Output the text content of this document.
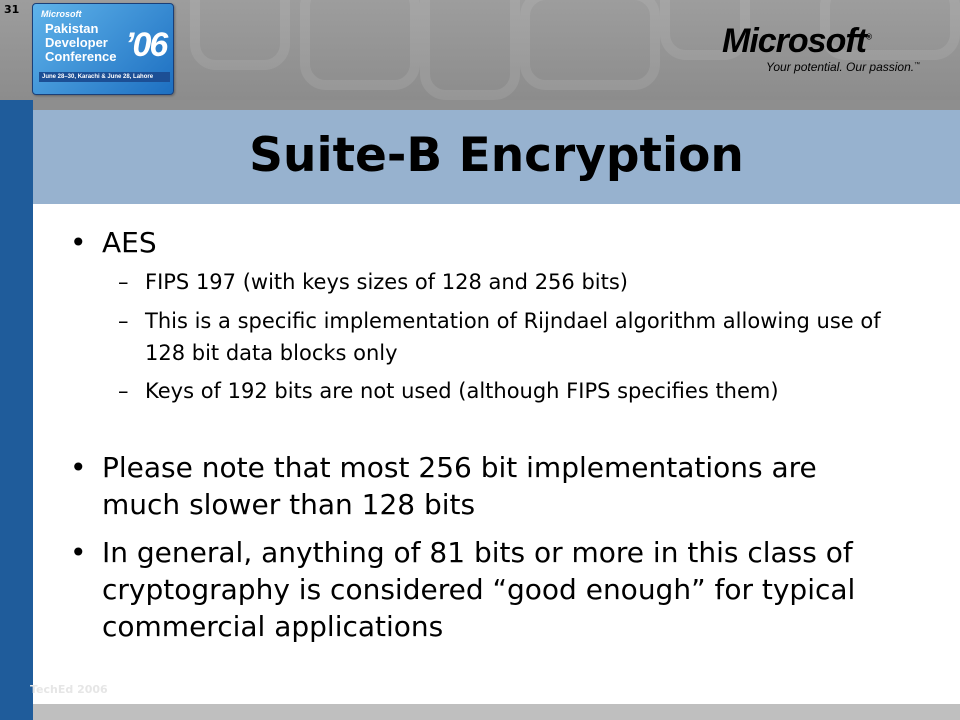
31 Microsoft
Pakistan
Developer
Conference ’06
June 28–30, Karachi & June 28, Lahore
Microsoft®
Your potential. Our passion.™
Suite-B Encryption
• AES
– FIPS 197 (with keys sizes of 128 and 256 bits)
– This is a specific implementation of Rijndael algorithm allowing use of 128 bit data blocks only
– Keys of 192 bits are not used (although FIPS specifies them)
• Please note that most 256 bit implementations are much slower than 128 bits
• In general, anything of 81 bits or more in this class of cryptography is considered “good enough” for typical commercial applications
TechEd 2006
